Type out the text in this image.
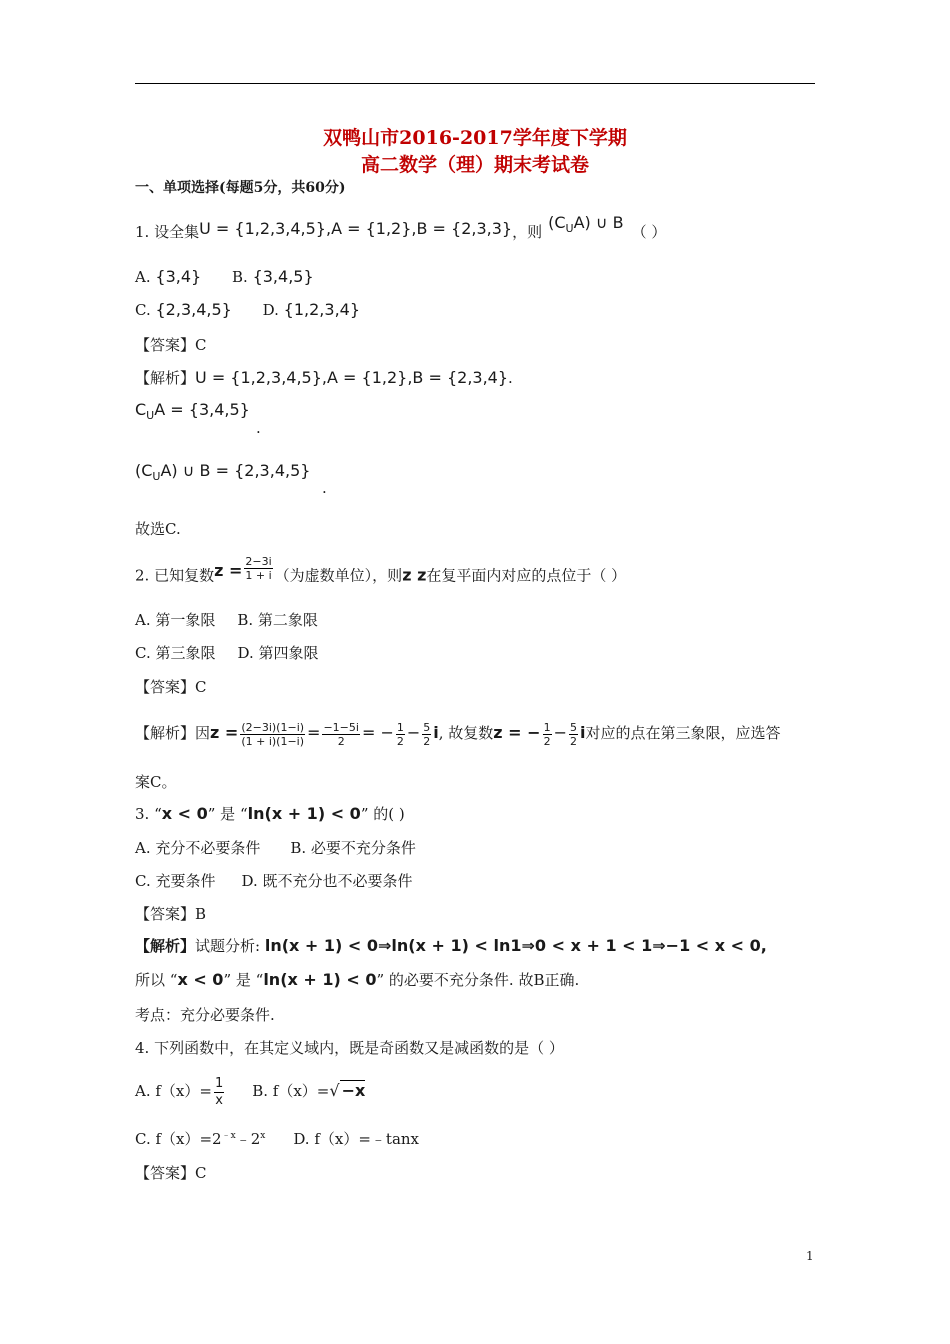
双鸭山市2016-2017学年度下学期
高二数学（理）期末考试卷
一、单项选择(每题5分，共60分)
1. 设全集U = {1,2,3,4,5},A = {1,2},B = {2,3,3}，则 $(C_UA)$ ∪ B （ ）
A. {3,4} B. {3,4,5}
C. {2,3,4,5} D. {1,2,3,4}
【答案】C
【解析】U = {1,2,3,4,5},A = {1,2},B = {2,3,4}.
$C_UA = \{3,4,5\}$
.
$(C_UA)$ ∪ B = {2,3,4,5}
.
故选C.
2. 已知复数$z = \frac{2-3i}{1 + i}$ （为虚数单位），则z z在复平面内对应的点位于（ ）
A. 第一象限 B. 第二象限
C. 第三象限 D. 第四象限
【答案】C
【解析】因$z = \frac{(2-3i)(1-i)}{(1 + i)(1-i)} = \frac{-1-5i}{2}$ = − $\frac{1}{2} - \frac{5}{2} i$, 故复数z = − $\frac{1}{2} - \frac{5}{2}$ i对应的点在第三象限，应选答
案C。
3. “x < 0” 是 “ln(x + 1) < 0” 的( )
A. 充分不必要条件 B. 必要不充分条件
C. 充要条件 D. 既不充分也不必要条件
【答案】B
【解析】试题分析: ln(x + 1) < 0⇒ln(x + 1) < ln1⇒0 < x + 1 < 1⇒−1 < x < 0,
所以 “x < 0” 是 “ln(x + 1) < 0” 的必要不充分条件. 故B正确.
考点：充分必要条件.
4. 下列函数中，在其定义域内，既是奇函数又是减函数的是（ ）
A. $f(x)= \frac{1}{x} B$. f（x）=√ −x
C. $f(x)=2^{﹣x}﹣2^x$ D. f（x）=﹣tanx
【答案】C
1
